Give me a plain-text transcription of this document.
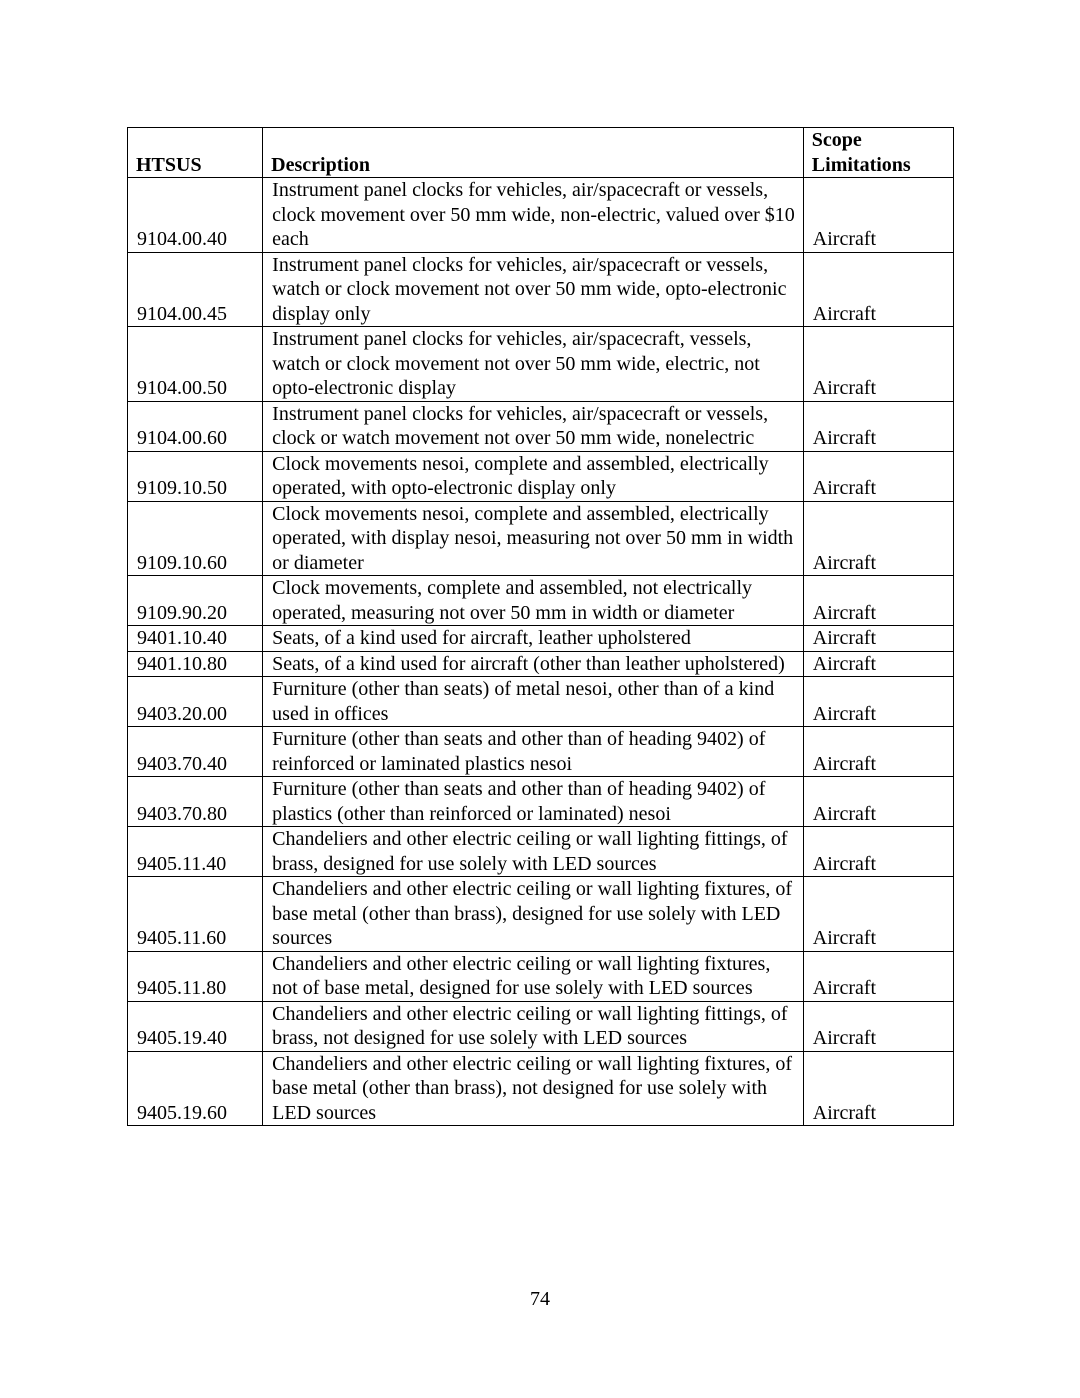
HTSUS	Description	Scope
Limitations

9104.00.40	Instrument panel clocks for vehicles, air/spacecraft or vessels, clock movement over 50 mm wide, non-electric, valued over $10 each	Aircraft
9104.00.45	Instrument panel clocks for vehicles, air/spacecraft or vessels, watch or clock movement not over 50 mm wide, opto-electronic display only	Aircraft
9104.00.50	Instrument panel clocks for vehicles, air/spacecraft, vessels, watch or clock movement not over 50 mm wide, electric, not opto-electronic display	Aircraft
9104.00.60	Instrument panel clocks for vehicles, air/spacecraft or vessels, clock or watch movement not over 50 mm wide, nonelectric	Aircraft
9109.10.50	Clock movements nesoi, complete and assembled, electrically operated, with opto-electronic display only	Aircraft
9109.10.60	Clock movements nesoi, complete and assembled, electrically operated, with display nesoi, measuring not over 50 mm in width or diameter	Aircraft
9109.90.20	Clock movements, complete and assembled, not electrically operated, measuring not over 50 mm in width or diameter	Aircraft
9401.10.40	Seats, of a kind used for aircraft, leather upholstered	Aircraft
9401.10.80	Seats, of a kind used for aircraft (other than leather upholstered)	Aircraft
9403.20.00	Furniture (other than seats) of metal nesoi, other than of a kind used in offices	Aircraft
9403.70.40	Furniture (other than seats and other than of heading 9402) of reinforced or laminated plastics nesoi	Aircraft
9403.70.80	Furniture (other than seats and other than of heading 9402) of plastics (other than reinforced or laminated) nesoi	Aircraft
9405.11.40	Chandeliers and other electric ceiling or wall lighting fittings, of brass, designed for use solely with LED sources	Aircraft
9405.11.60	Chandeliers and other electric ceiling or wall lighting fixtures, of base metal (other than brass), designed for use solely with LED sources	Aircraft
9405.11.80	Chandeliers and other electric ceiling or wall lighting fixtures, not of base metal, designed for use solely with LED sources	Aircraft
9405.19.40	Chandeliers and other electric ceiling or wall lighting fittings, of brass, not designed for use solely with LED sources	Aircraft
9405.19.60	Chandeliers and other electric ceiling or wall lighting fixtures, of base metal (other than brass), not designed for use solely with LED sources	Aircraft
74
